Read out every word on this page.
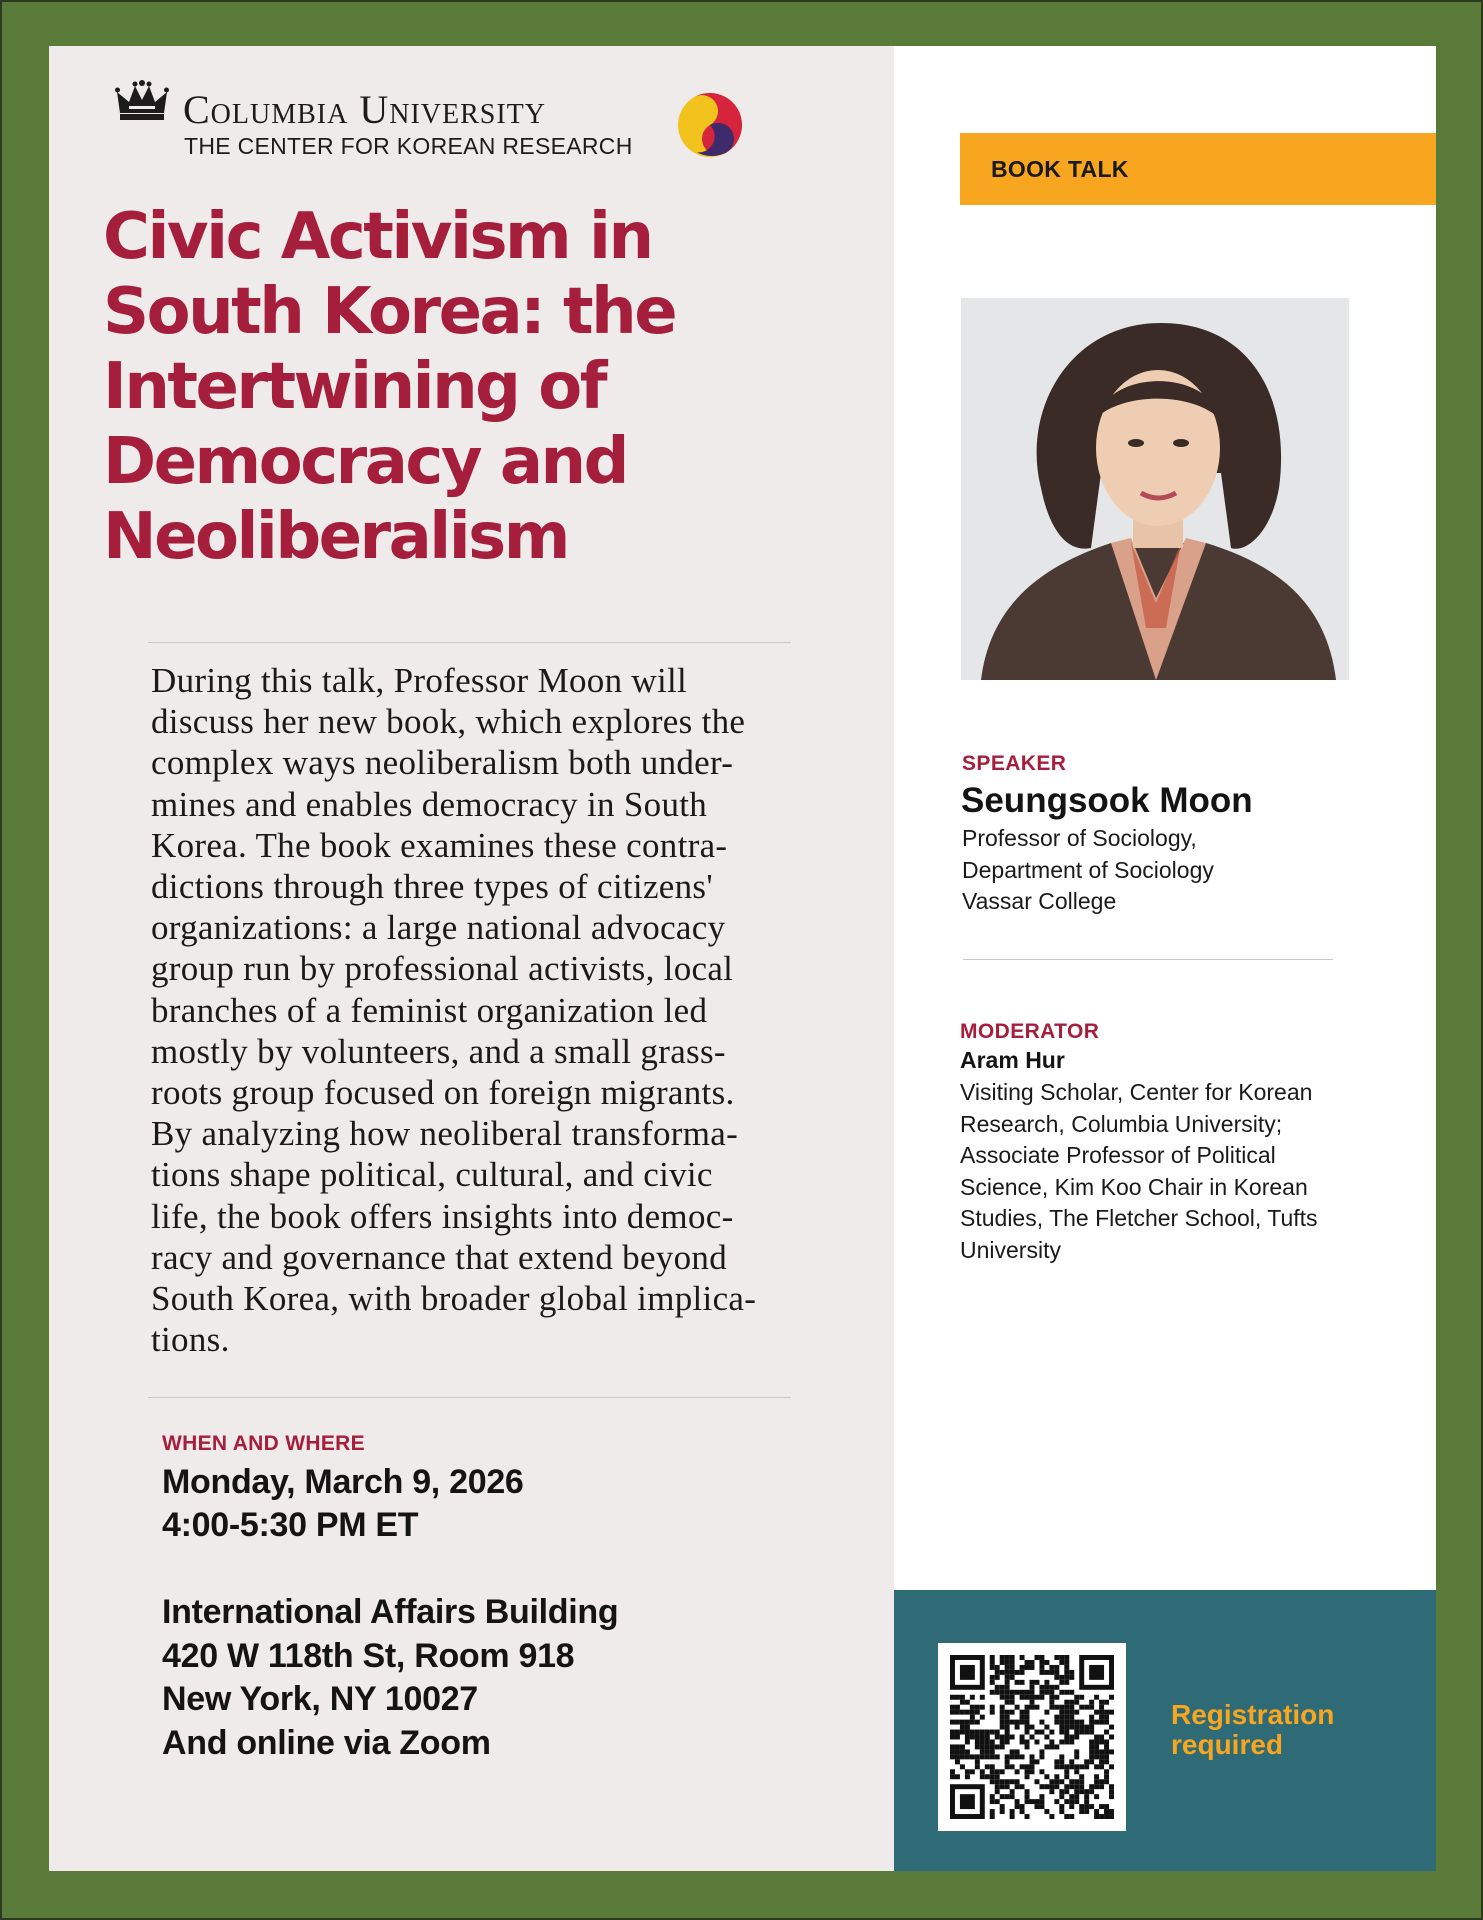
Columbia University
THE CENTER FOR KOREAN RESEARCH
Civic Activism in South Korea: the Intertwining of Democracy and Neoliberalism
During this talk, Professor Moon will
discuss her new book, which explores the
complex ways neoliberalism both under-
mines and enables democracy in South
Korea. The book examines these contra-
dictions through three types of citizens'
organizations: a large national advocacy
group run by professional activists, local
branches of a feminist organization led
mostly by volunteers, and a small grass-
roots group focused on foreign migrants.
By analyzing how neoliberal transforma-
tions shape political, cultural, and civic
life, the book offers insights into democ-
racy and governance that extend beyond
South Korea, with broader global implica-
tions.
WHEN AND WHERE
Monday, March 9, 2026
4:00-5:30 PM ET
International Affairs Building
420 W 118th St, Room 918
New York, NY 10027
And online via Zoom
BOOK TALK
SPEAKER
Seungsook Moon
Professor of Sociology,
Department of Sociology
Vassar College
MODERATOR
Aram Hur
Visiting Scholar, Center for Korean
Research, Columbia University;
Associate Professor of Political
Science, Kim Koo Chair in Korean
Studies, The Fletcher School, Tufts
University
Registration required
